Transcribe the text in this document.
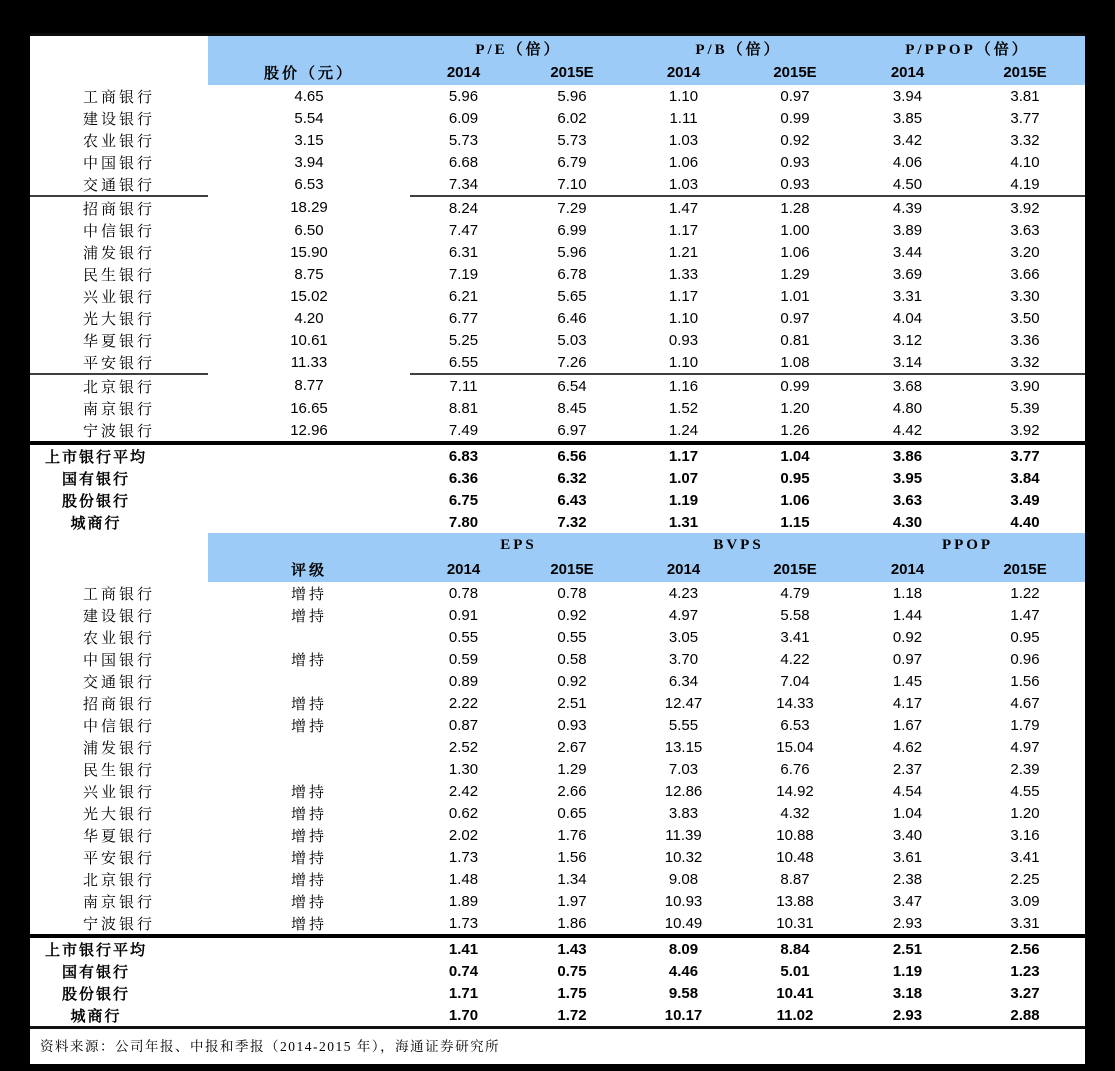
		P/E（倍）		P/B（倍）		P/PPOP（倍）	
	股价（元）	2014	2015E	2014	2015E	2014	2015E
工商银行	4.65	5.96	5.96	1.10	0.97	3.94	3.81
建设银行	5.54	6.09	6.02	1.11	0.99	3.85	3.77
农业银行	3.15	5.73	5.73	1.03	0.92	3.42	3.32
中国银行	3.94	6.68	6.79	1.06	0.93	4.06	4.10
交通银行	6.53	7.34	7.10	1.03	0.93	4.50	4.19
招商银行	18.29	8.24	7.29	1.47	1.28	4.39	3.92
中信银行	6.50	7.47	6.99	1.17	1.00	3.89	3.63
浦发银行	15.90	6.31	5.96	1.21	1.06	3.44	3.20
民生银行	8.75	7.19	6.78	1.33	1.29	3.69	3.66
兴业银行	15.02	6.21	5.65	1.17	1.01	3.31	3.30
光大银行	4.20	6.77	6.46	1.10	0.97	4.04	3.50
华夏银行	10.61	5.25	5.03	0.93	0.81	3.12	3.36
平安银行	11.33	6.55	7.26	1.10	1.08	3.14	3.32
北京银行	8.77	7.11	6.54	1.16	0.99	3.68	3.90
南京银行	16.65	8.81	8.45	1.52	1.20	4.80	5.39
宁波银行	12.96	7.49	6.97	1.24	1.26	4.42	3.92
上市银行平均		6.83	6.56	1.17	1.04	3.86	3.77
国有银行		6.36	6.32	1.07	0.95	3.95	3.84
股份银行		6.75	6.43	1.19	1.06	3.63	3.49
城商行		7.80	7.32	1.31	1.15	4.30	4.40
		EPS		BVPS		PPOP	
	评级	2014	2015E	2014	2015E	2014	2015E
工商银行	增持	0.78	0.78	4.23	4.79	1.18	1.22
建设银行	增持	0.91	0.92	4.97	5.58	1.44	1.47
农业银行		0.55	0.55	3.05	3.41	0.92	0.95
中国银行	增持	0.59	0.58	3.70	4.22	0.97	0.96
交通银行		0.89	0.92	6.34	7.04	1.45	1.56
招商银行	增持	2.22	2.51	12.47	14.33	4.17	4.67
中信银行	增持	0.87	0.93	5.55	6.53	1.67	1.79
浦发银行		2.52	2.67	13.15	15.04	4.62	4.97
民生银行		1.30	1.29	7.03	6.76	2.37	2.39
兴业银行	增持	2.42	2.66	12.86	14.92	4.54	4.55
光大银行	增持	0.62	0.65	3.83	4.32	1.04	1.20
华夏银行	增持	2.02	1.76	11.39	10.88	3.40	3.16
平安银行	增持	1.73	1.56	10.32	10.48	3.61	3.41
北京银行	增持	1.48	1.34	9.08	8.87	2.38	2.25
南京银行	增持	1.89	1.97	10.93	13.88	3.47	3.09
宁波银行	增持	1.73	1.86	10.49	10.31	2.93	3.31
上市银行平均		1.41	1.43	8.09	8.84	2.51	2.56
国有银行		0.74	0.75	4.46	5.01	1.19	1.23
股份银行		1.71	1.75	9.58	10.41	3.18	3.27
城商行		1.70	1.72	10.17	11.02	2.93	2.88
资料来源：公司年报、中报和季报（2014-2015 年），海通证券研究所
